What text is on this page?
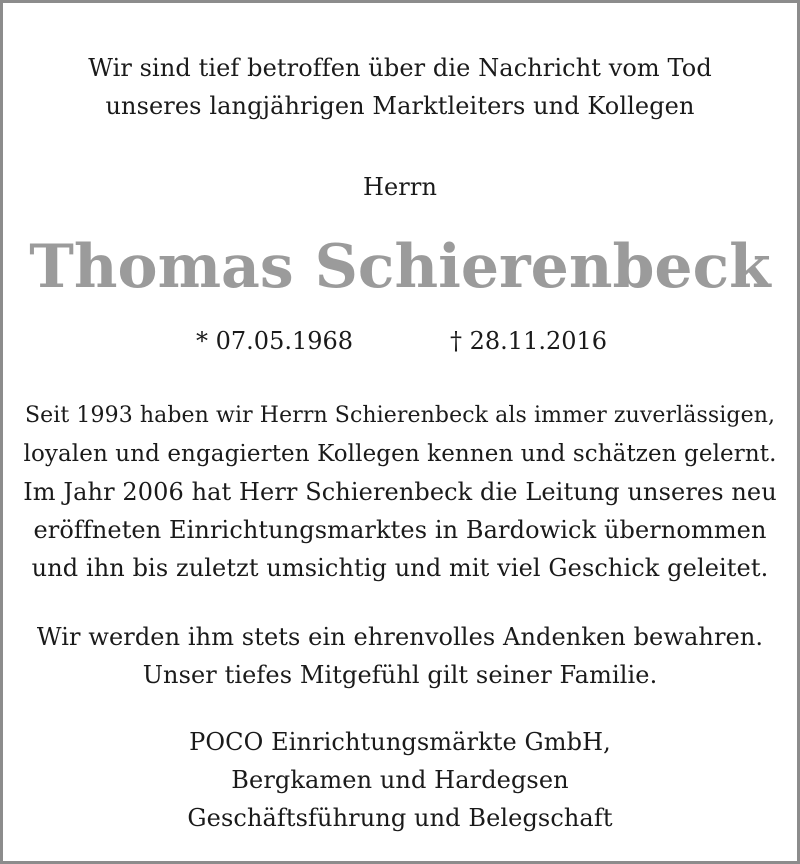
Wir sind tief betroffen über die Nachricht vom Tod
unseres langjährigen Marktleiters und Kollegen
Herrn
Thomas Schierenbeck
* 07.05.1968	† 28.11.2016
Seit 1993 haben wir Herrn Schierenbeck als immer zuverlässigen,
loyalen und engagierten Kollegen kennen und schätzen gelernt.
Im Jahr 2006 hat Herr Schierenbeck die Leitung unseres neu
eröffneten Einrichtungsmarktes in Bardowick übernommen
und ihn bis zuletzt umsichtig und mit viel Geschick geleitet.
Wir werden ihm stets ein ehrenvolles Andenken bewahren.
Unser tiefes Mitgefühl gilt seiner Familie.
POCO Einrichtungsmärkte GmbH,
Bergkamen und Hardegsen
Geschäftsführung und Belegschaft
